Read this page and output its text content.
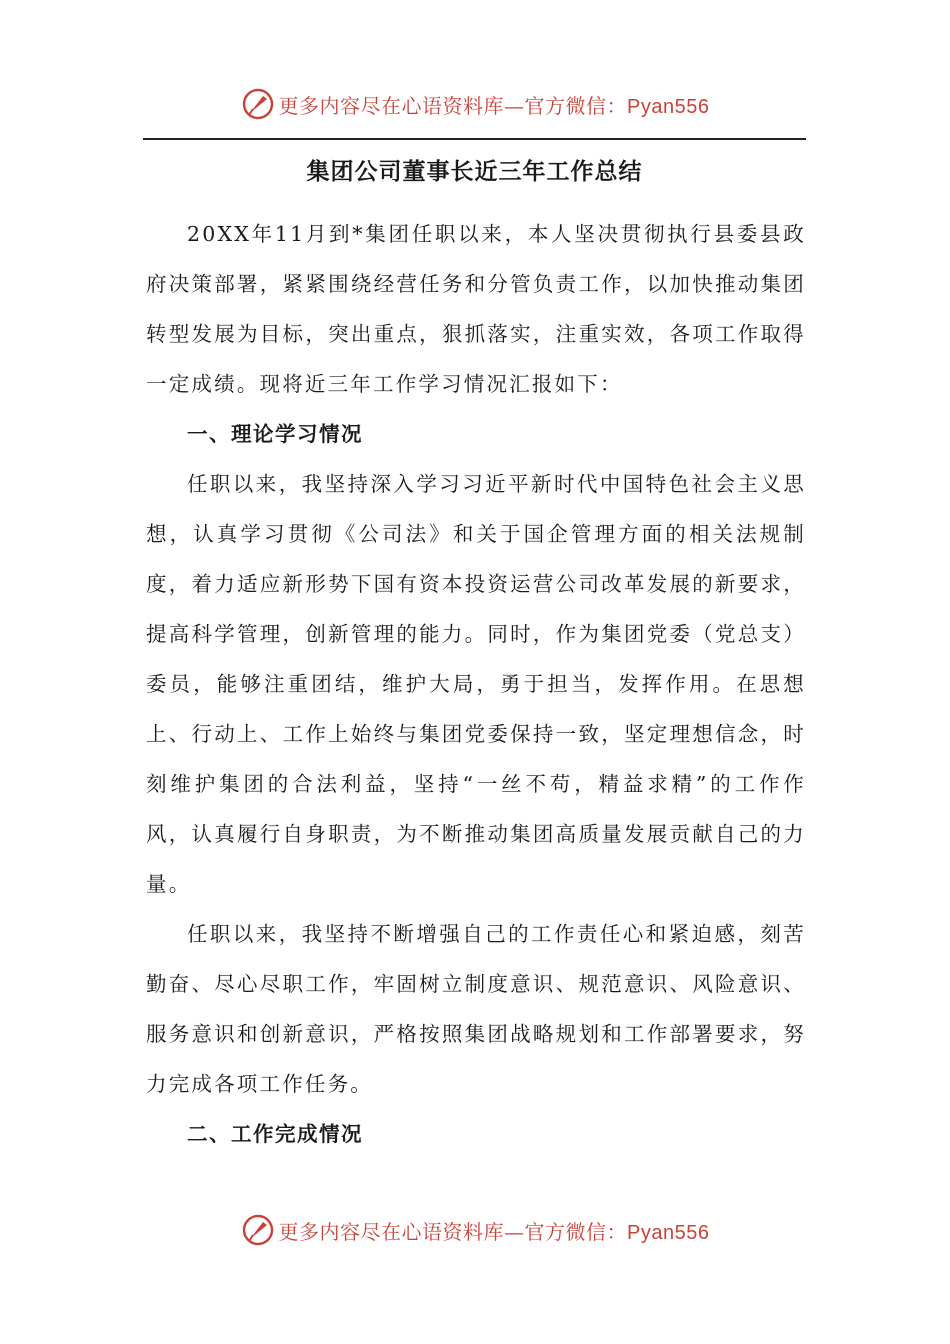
更多内容尽在心语资料库—官方微信：Pyan556
集团公司董事长近三年工作总结

20XX年11月到*集团任职以来，本人坚决贯彻执行县委县政府决策部署，紧紧围绕经营任务和分管负责工作，以加快推动集团转型发展为目标，突出重点，狠抓落实，注重实效，各项工作取得一定成绩。现将近三年工作学习情况汇报如下：

一、理论学习情况

任职以来，我坚持深入学习习近平新时代中国特色社会主义思想，认真学习贯彻《公司法》和关于国企管理方面的相关法规制度，着力适应新形势下国有资本投资运营公司改革发展的新要求，提高科学管理，创新管理的能力。同时，作为集团党委（党总支）委员，能够注重团结，维护大局，勇于担当，发挥作用。在思想上、行动上、工作上始终与集团党委保持一致，坚定理想信念，时刻维护集团的合法利益，坚持“一丝不苟，精益求精”的工作作风，认真履行自身职责，为不断推动集团高质量发展贡献自己的力量。

任职以来，我坚持不断增强自己的工作责任心和紧迫感，刻苦勤奋、尽心尽职工作，牢固树立制度意识、规范意识、风险意识、服务意识和创新意识，严格按照集团战略规划和工作部署要求，努力完成各项工作任务。

二、工作完成情况
更多内容尽在心语资料库—官方微信：Pyan556
